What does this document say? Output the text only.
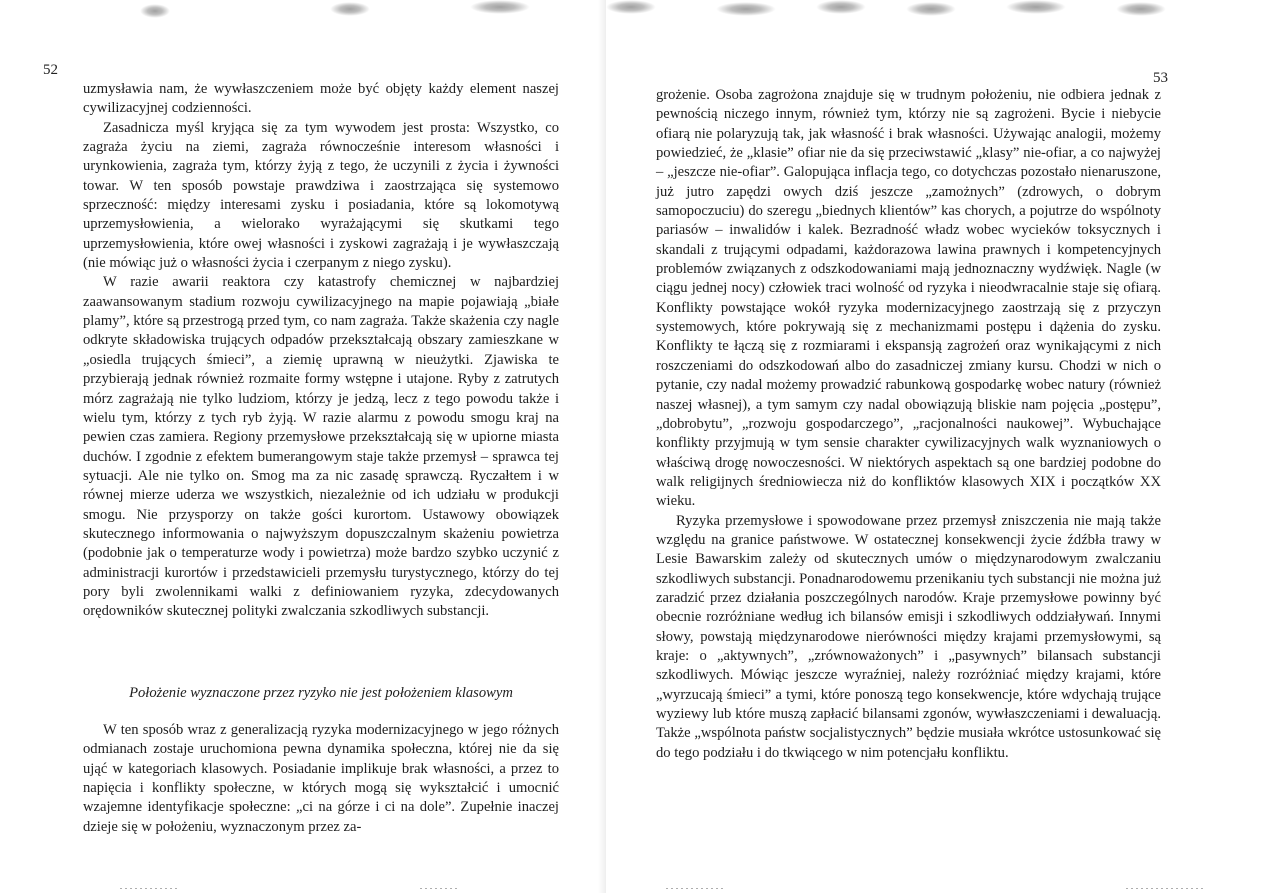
52

uzmysławia nam, że wywłaszczeniem może być objęty każdy element naszej cywilizacyjnej codzienności.

Zasadnicza myśl kryjąca się za tym wywodem jest prosta: Wszystko, co zagraża życiu na ziemi, zagraża równocześnie interesom własności i urynkowienia, zagraża tym, którzy żyją z tego, że uczynili z życia i żywności towar. W ten sposób powstaje prawdziwa i zaostrzająca się systemowo sprzeczność: między interesami zysku i posiadania, które są lokomotywą uprzemysłowienia, a wielorako wyrażającymi się skutkami tego uprzemysłowienia, które owej własności i zyskowi zagrażają i je wywłaszczają (nie mówiąc już o własności życia i czerpanym z niego zysku).

W razie awarii reaktora czy katastrofy chemicznej w najbardziej zaawansowanym stadium rozwoju cywilizacyjnego na mapie pojawiają „białe plamy”, które są przestrogą przed tym, co nam zagraża. Także skażenia czy nagle odkryte składowiska trujących odpadów przekształcają obszary zamieszkane w „osiedla trujących śmieci”, a ziemię uprawną w nieużytki. Zjawiska te przybierają jednak również rozmaite formy wstępne i utajone. Ryby z zatrutych mórz zagrażają nie tylko ludziom, którzy je jedzą, lecz z tego powodu także i wielu tym, którzy z tych ryb żyją. W razie alarmu z powodu smogu kraj na pewien czas zamiera. Regiony przemysłowe przekształcają się w upiorne miasta duchów. I zgodnie z efektem bumerangowym staje także przemysł – sprawca tej sytuacji. Ale nie tylko on. Smog ma za nic zasadę sprawczą. Ryczałtem i w równej mierze uderza we wszystkich, niezależnie od ich udziału w produkcji smogu. Nie przysporzy on także gości kurortom. Ustawowy obowiązek skutecznego informowania o najwyższym dopuszczalnym skażeniu powietrza (podobnie jak o temperaturze wody i powietrza) może bardzo szybko uczynić z administracji kurortów i przedstawicieli przemysłu turystycznego, którzy do tej pory byli zwolennikami walki z definiowaniem ryzyka, zdecydowanych orędowników skutecznej polityki zwalczania szkodliwych substancji.

Położenie wyznaczone przez ryzyko nie jest położeniem klasowym

W ten sposób wraz z generalizacją ryzyka modernizacyjnego w jego różnych odmianach zostaje uruchomiona pewna dynamika społeczna, której nie da się ująć w kategoriach klasowych. Posiadanie implikuje brak własności, a przez to napięcia i konflikty społeczne, w których mogą się wykształcić i umocnić wzajemne identyfikacje społeczne: „ci na górze i ci na dole”. Zupełnie inaczej dzieje się w położeniu, wyznaczonym przez za-

53

grożenie. Osoba zagrożona znajduje się w trudnym położeniu, nie odbiera jednak z pewnością niczego innym, również tym, którzy nie są zagrożeni. Bycie i niebycie ofiarą nie polaryzują tak, jak własność i brak własności. Używając analogii, możemy powiedzieć, że „klasie” ofiar nie da się przeciwstawić „klasy” nie-ofiar, a co najwyżej – „jeszcze nie-ofiar”. Galopująca inflacja tego, co dotychczas pozostało nienaruszone, już jutro zapędzi owych dziś jeszcze „zamożnych” (zdrowych, o dobrym samopoczuciu) do szeregu „biednych klientów” kas chorych, a pojutrze do wspólnoty pariasów – inwalidów i kalek. Bezradność władz wobec wycieków toksycznych i skandali z trującymi odpadami, każdorazowa lawina prawnych i kompetencyjnych problemów związanych z odszkodowaniami mają jednoznaczny wydźwięk. Nagle (w ciągu jednej nocy) człowiek traci wolność od ryzyka i nieodwracalnie staje się ofiarą. Konflikty powstające wokół ryzyka modernizacyjnego zaostrzają się z przyczyn systemowych, które pokrywają się z mechanizmami postępu i dążenia do zysku. Konflikty te łączą się z rozmiarami i ekspansją zagrożeń oraz wynikającymi z nich roszczeniami do odszkodowań albo do zasadniczej zmiany kursu. Chodzi w nich o pytanie, czy nadal możemy prowadzić rabunkową gospodarkę wobec natury (również naszej własnej), a tym samym czy nadal obowiązują bliskie nam pojęcia „postępu”, „dobrobytu”, „rozwoju gospodarczego”, „racjonalności naukowej”. Wybuchające konflikty przyjmują w tym sensie charakter cywilizacyjnych walk wyznaniowych o właściwą drogę nowoczesności. W niektórych aspektach są one bardziej podobne do walk religijnych średniowiecza niż do konfliktów klasowych XIX i początków XX wieku.

Ryzyka przemysłowe i spowodowane przez przemysł zniszczenia nie mają także względu na granice państwowe. W ostatecznej konsekwencji życie źdźbła trawy w Lesie Bawarskim zależy od skutecznych umów o międzynarodowym zwalczaniu szkodliwych substancji. Ponadnarodowemu przenikaniu tych substancji nie można już zaradzić przez działania poszczególnych narodów. Kraje przemysłowe powinny być obecnie rozróżniane według ich bilansów emisji i szkodliwych oddziaływań. Innymi słowy, powstają międzynarodowe nierówności między krajami przemysłowymi, są kraje: o „aktywnych”, „zrównoważonych” i „pasywnych” bilansach substancji szkodliwych. Mówiąc jeszcze wyraźniej, należy rozróżniać między krajami, które „wyrzucają śmieci” a tymi, które ponoszą tego konsekwencje, które wdychają trujące wyziewy lub które muszą zapłacić bilansami zgonów, wywłaszczeniami i dewaluacją. Także „wspólnota państw socjalistycznych” będzie musiała wkrótce ustosunkować się do tego podziału i do tkwiącego w nim potencjału konfliktu.
